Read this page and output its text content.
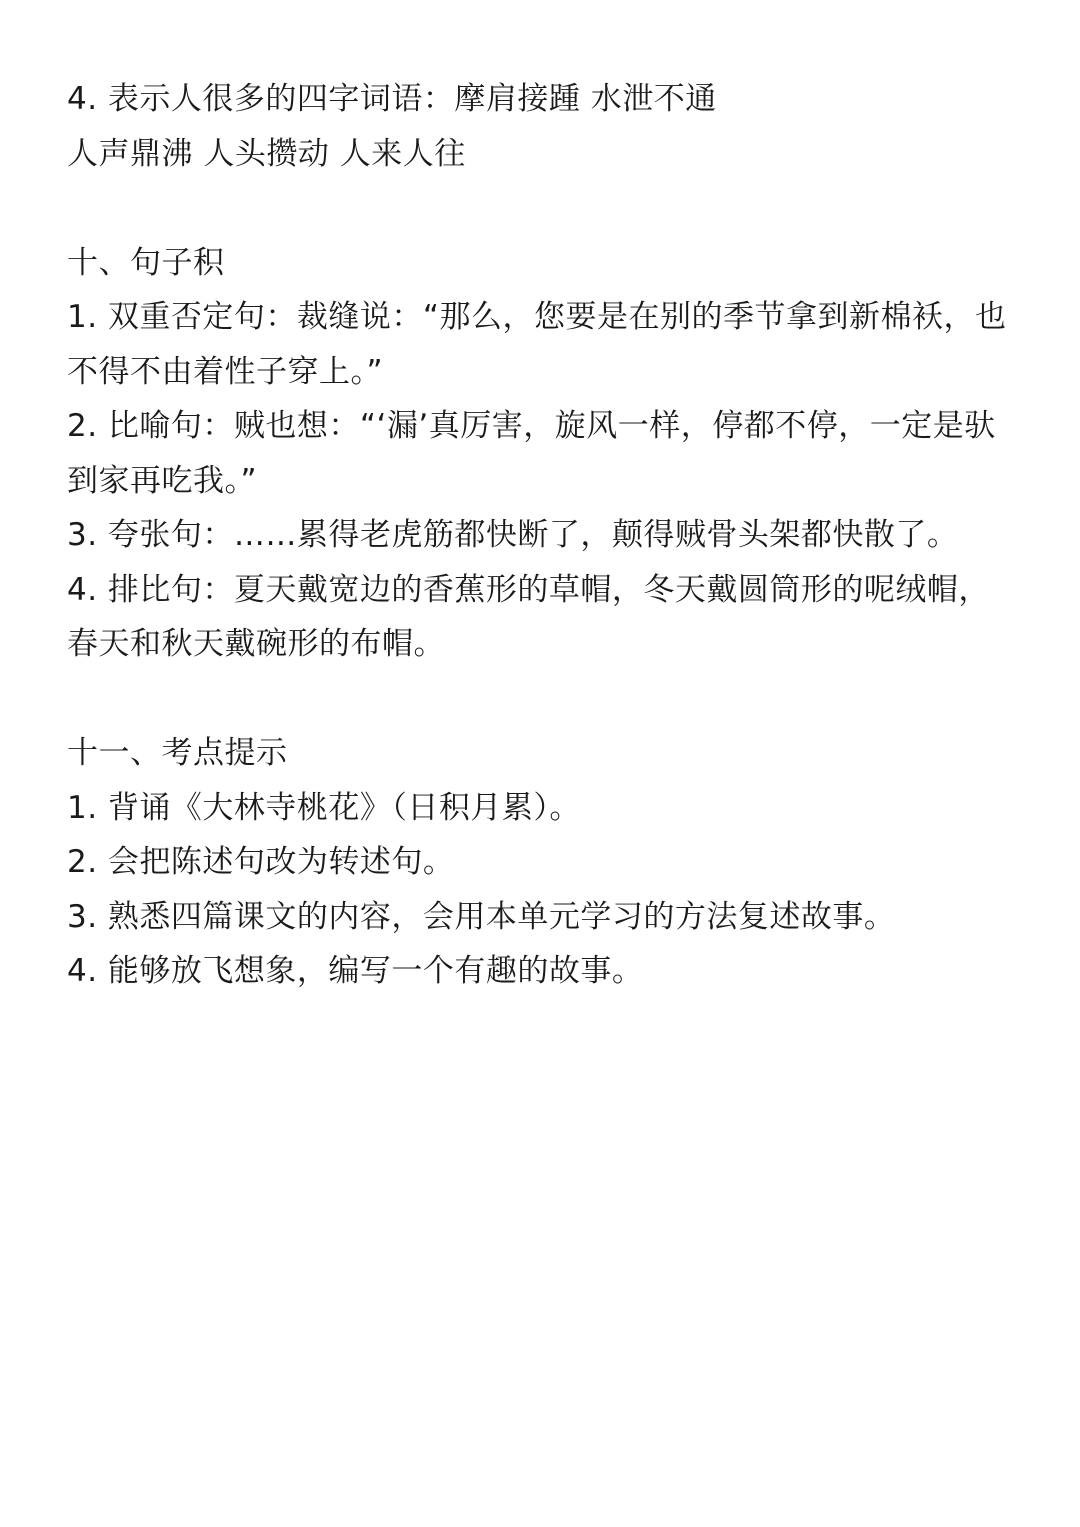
4. 表示人很多的四字词语：摩肩接踵 水泄不通
人声鼎沸 人头攒动 人来人往
十、句子积
1. 双重否定句：裁缝说：“那么，您要是在别的季节拿到新棉袄，也
不得不由着性子穿上。”
2. 比喻句：贼也想：“‘漏’真厉害，旋风一样，停都不停，一定是驮
到家再吃我。”
3. 夸张句：……累得老虎筋都快断了，颠得贼骨头架都快散了。
4. 排比句：夏天戴宽边的香蕉形的草帽，冬天戴圆筒形的呢绒帽，
春天和秋天戴碗形的布帽。
十一、考点提示
1. 背诵《大林寺桃花》（日积月累）。
2. 会把陈述句改为转述句。
3. 熟悉四篇课文的内容，会用本单元学习的方法复述故事。
4. 能够放飞想象，编写一个有趣的故事。
